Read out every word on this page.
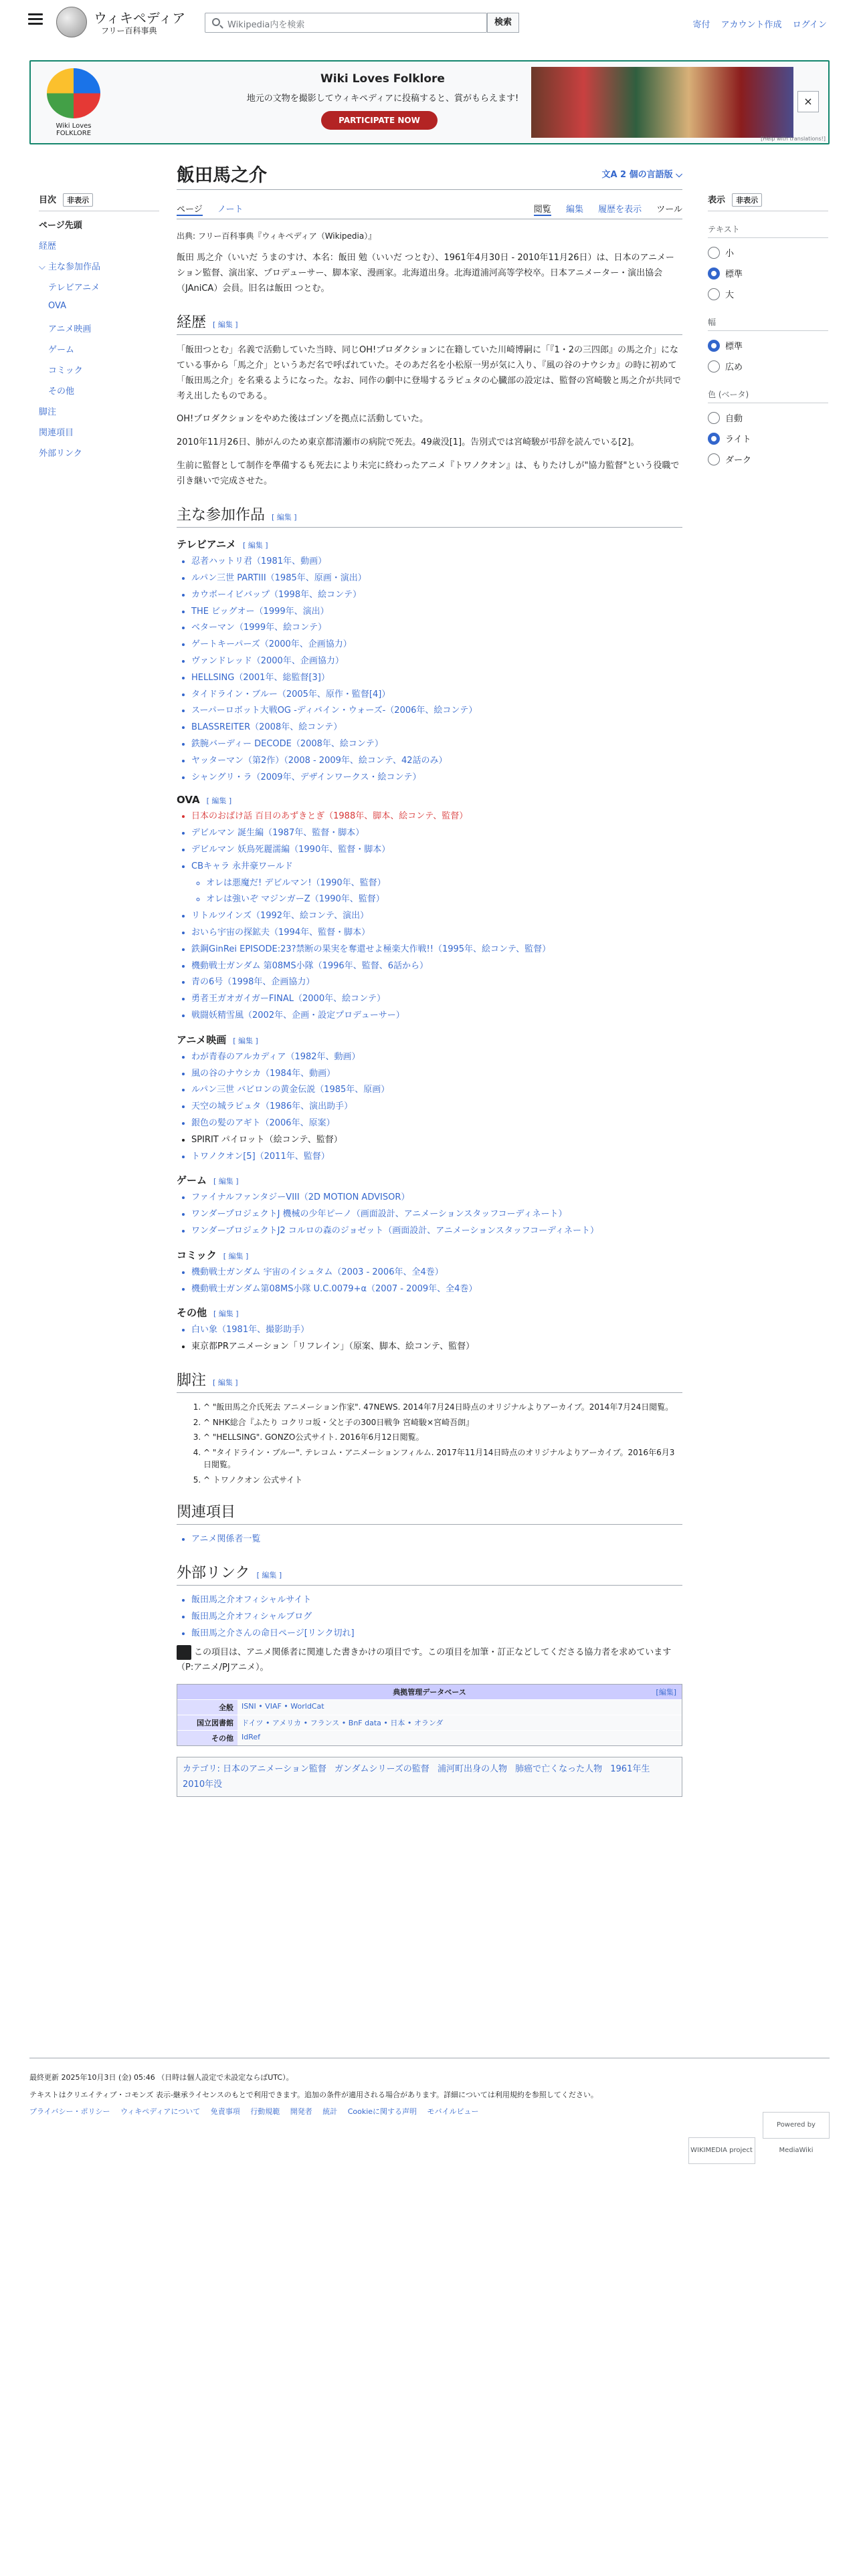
ウィキペディア
フリー百科事典
Wikipedia内を検索	検索	寄付 アカウント作成 ログイン
Wiki Loves FOLKLORE
Wiki Loves Folklore
地元の文物を撮影してウィキペディアに投稿すると、賞がもらえます!
PARTICIPATE NOW
[Help with translations!]
×
目次 非表示
ページ先頭
経歴
⌵ 主な参加作品
テレビアニメ
OVA
アニメ映画
ゲーム
コミック
その他
脚注
関連項目
外部リンク
飯田馬之介	文A 2 個の言語版 ⌵
ページ ノート	閲覧 編集 履歴を表示 ツール
出典: フリー百科事典『ウィキペディア（Wikipedia）』

飯田 馬之介（いいだ うまのすけ、本名：飯田 勉（いいだ つとむ）、1961年4月30日 - 2010年11月26日）は、日本のアニメーション監督、演出家、プロデューサー、脚本家、漫画家。北海道出身。北海道浦河高等学校卒。日本アニメーター・演出協会（JAniCA）会員。旧名は飯田 つとむ。

経歴 [ 編集 ]

「飯田つとむ」名義で活動していた当時、同じOH!プロダクションに在籍していた川崎博嗣に「『1・2の三四郎』の馬之介」になている事から「馬之介」というあだ名で呼ばれていた。そのあだ名を小松原一男が気に入り、『風の谷のナウシカ』の時に初めて「飯田馬之介」を名乗るようになった。なお、同作の劇中に登場するラピュタの心臓部の設定は、監督の宮崎駿と馬之介が共同で考え出したものである。

OH!プロダクションをやめた後はゴンゾを拠点に活動していた。

2010年11月26日、肺がんのため東京都清瀬市の病院で死去。49歳没[1]。告別式では宮崎駿が弔辞を読んでいる[2]。

生前に監督として制作を準備するも死去により未完に終わったアニメ『トワノクオン』は、もりたけしが"協力監督"という役職で引き継いで完成させた。

主な参加作品 [ 編集 ]
テレビアニメ [ 編集 ]
• 忍者ハットリ君（1981年、動画）
• ルパン三世 PARTIII（1985年、原画・演出）
• カウボーイビバップ（1998年、絵コンテ）
• THE ビッグオー（1999年、演出）
• ベターマン（1999年、絵コンテ）
• ゲートキーパーズ（2000年、企画協力）
• ヴァンドレッド（2000年、企画協力）
• HELLSING（2001年、総監督[3]）
• タイドライン・ブルー（2005年、原作・監督[4]）
• スーパーロボット大戦OG -ディバイン・ウォーズ-（2006年、絵コンテ）
• BLASSREITER（2008年、絵コンテ）
• 鉄腕バーディー DECODE（2008年、絵コンテ）
• ヤッターマン（第2作）（2008 - 2009年、絵コンテ、42話のみ）
• シャングリ・ラ（2009年、デザインワークス・絵コンテ）
OVA [ 編集 ]
• 日本のおばけ話 百目のあずきとぎ（1988年、脚本、絵コンテ、監督）
• デビルマン 誕生編（1987年、監督・脚本）
• デビルマン 妖鳥死麗濡編（1990年、監督・脚本）
• CBキャラ 永井豪ワールド
◦ オレは悪魔だ! デビルマン!（1990年、監督）
◦ オレは強いぞ マジンガーZ（1990年、監督）
• リトルツインズ（1992年、絵コンテ、演出）
• おいら宇宙の探鉱夫（1994年、監督・脚本）
• 鉄鋼GinRei EPISODE:23?禁断の果実を奪還せよ極楽大作戦!!（1995年、絵コンテ、監督）
• 機動戦士ガンダム 第08MS小隊（1996年、監督、6話から）
• 青の6号（1998年、企画協力）
• 勇者王ガオガイガーFINAL（2000年、絵コンテ）
• 戦闘妖精雪風（2002年、企画・設定プロデューサー）
アニメ映画 [ 編集 ]
• わが青春のアルカディア（1982年、動画）
• 風の谷のナウシカ（1984年、動画）
• ルパン三世 バビロンの黄金伝説（1985年、原画）
• 天空の城ラピュタ（1986年、演出助手）
• 銀色の髪のアギト（2006年、原案）
• SPIRIT パイロット（絵コンテ、監督）
• トワノクオン[5]（2011年、監督）
ゲーム [ 編集 ]
• ファイナルファンタジーVIII（2D MOTION ADVISOR）
• ワンダープロジェクトJ 機械の少年ピーノ（画面設計、アニメーションスタッフコーディネート）
• ワンダープロジェクトJ2 コルロの森のジョゼット（画面設計、アニメーションスタッフコーディネート）
コミック [ 編集 ]
• 機動戦士ガンダム 宇宙のイシュタム（2003 - 2006年、全4巻）
• 機動戦士ガンダム第08MS小隊 U.C.0079+α（2007 - 2009年、全4巻）
その他 [ 編集 ]
• 白い象（1981年、撮影助手）
• 東京都PRアニメーション「リフレイン」（原案、脚本、絵コンテ、監督）
脚注 [ 編集 ]
1. ^ "飯田馬之介氏死去 アニメーション作家". 47NEWS. 2014年7月24日時点のオリジナルよりアーカイブ。2014年7月24日閲覧。
2. ^ NHK総合『ふたり コクリコ坂・父と子の300日戦争 宮崎駿×宮崎吾朗』
3. ^ "HELLSING". GONZO公式サイト. 2016年6月12日閲覧。
4. ^ "タイドライン・ブルー". テレコム・アニメーションフィルム. 2017年11月14日時点のオリジナルよりアーカイブ。2016年6月3日閲覧。
5. ^ トワノクオン 公式サイト
関連項目
• アニメ関係者一覧
外部リンク [ 編集 ]
• 飯田馬之介オフィシャルサイト
• 飯田馬之介オフィシャルブログ
• 飯田馬之介さんの命日ページ[リンク切れ]

この項目は、アニメ関係者に関連した書きかけの項目です。この項目を加筆・訂正などしてくださる協力者を求めています（P:アニメ/PJアニメ）。

典拠管理データベース	[編集]
全般	ISNI • VIAF • WorldCat
国立図書館	ドイツ • アメリカ • フランス • BnF data • 日本 • オランダ
その他	IdRef
カテゴリ: 日本のアニメーション監督 ガンダムシリーズの監督 浦河町出身の人物 肺癌で亡くなった人物 1961年生 2010年没
表示 非表示
テキスト
小
標準
大
幅
標準
広め
色 (ベータ)
自動
ライト
ダーク

最終更新 2025年10月3日 (金) 05:46 （日時は個人設定で未設定ならばUTC）。

テキストはクリエイティブ・コモンズ 表示-継承ライセンスのもとで利用できます。追加の条件が適用される場合があります。詳細については利用規約を参照してください。

プライバシー・ポリシー ウィキペディアについて 免責事項 行動規範 開発者 統計 Cookieに関する声明 モバイルビュー
WIKIMEDIA project Powered by MediaWiki
